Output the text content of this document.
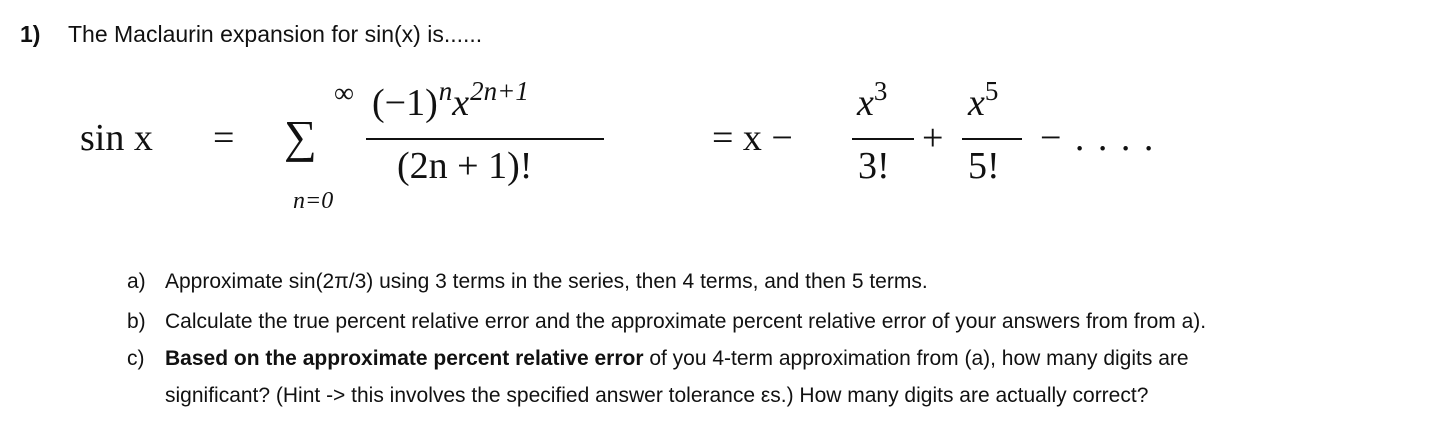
1) The Maclaurin expansion for sin(x) is......
sin x = ∑
∞
n=0
$(-1)^nx^{2n+1}$
(2n + 1)!
= x −
$x^3$
3!
+
$x^5$
5!
− . . . .
a) Approximate sin(2π/3) using 3 terms in the series, then 4 terms, and then 5 terms.
b) Calculate the true percent relative error and the approximate percent relative error of your answers from from a).
c) Based on the approximate percent relative error of you 4-term approximation from (a), how many digits are
significant? (Hint -> this involves the specified answer tolerance εs.) How many digits are actually correct?
